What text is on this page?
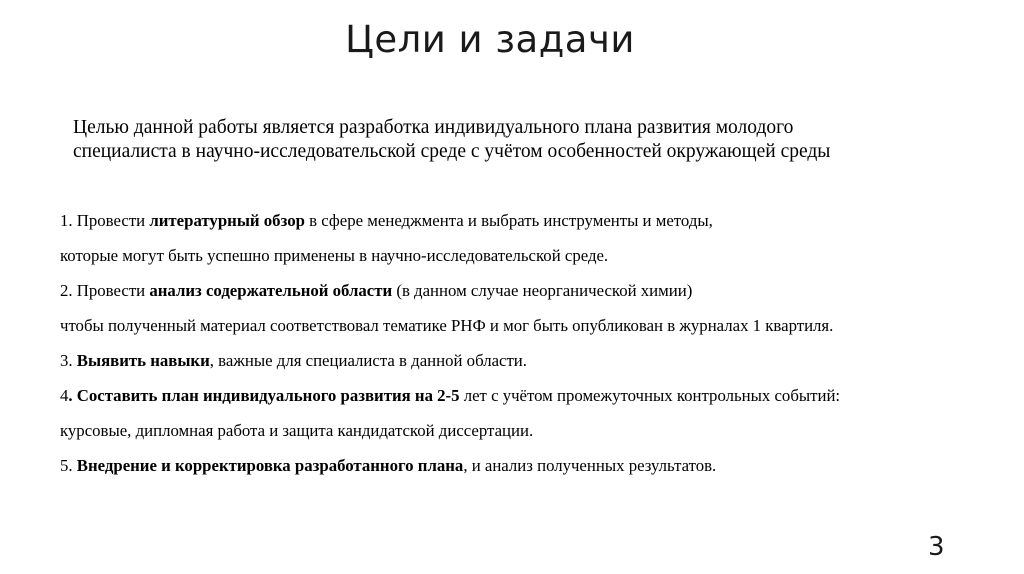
Цели и задачи
Целью данной работы является разработка индивидуального плана развития молодого
специалиста в научно-исследовательской среде с учётом особенностей окружающей среды
1. Провести литературный обзор в сфере менеджмента и выбрать инструменты и методы,
которые могут быть успешно применены в научно-исследовательской среде.
2. Провести анализ содержательной области (в данном случае неорганической химии)
чтобы полученный материал соответствовал тематике РНФ и мог быть опубликован в журналах 1 квартиля.
3. Выявить навыки, важные для специалиста в данной области.
4. Составить план индивидуального развития на 2-5 лет с учётом промежуточных контрольных событий:
курсовые, дипломная работа и защита кандидатской диссертации.
5. Внедрение и корректировка разработанного плана, и анализ полученных результатов.
3
